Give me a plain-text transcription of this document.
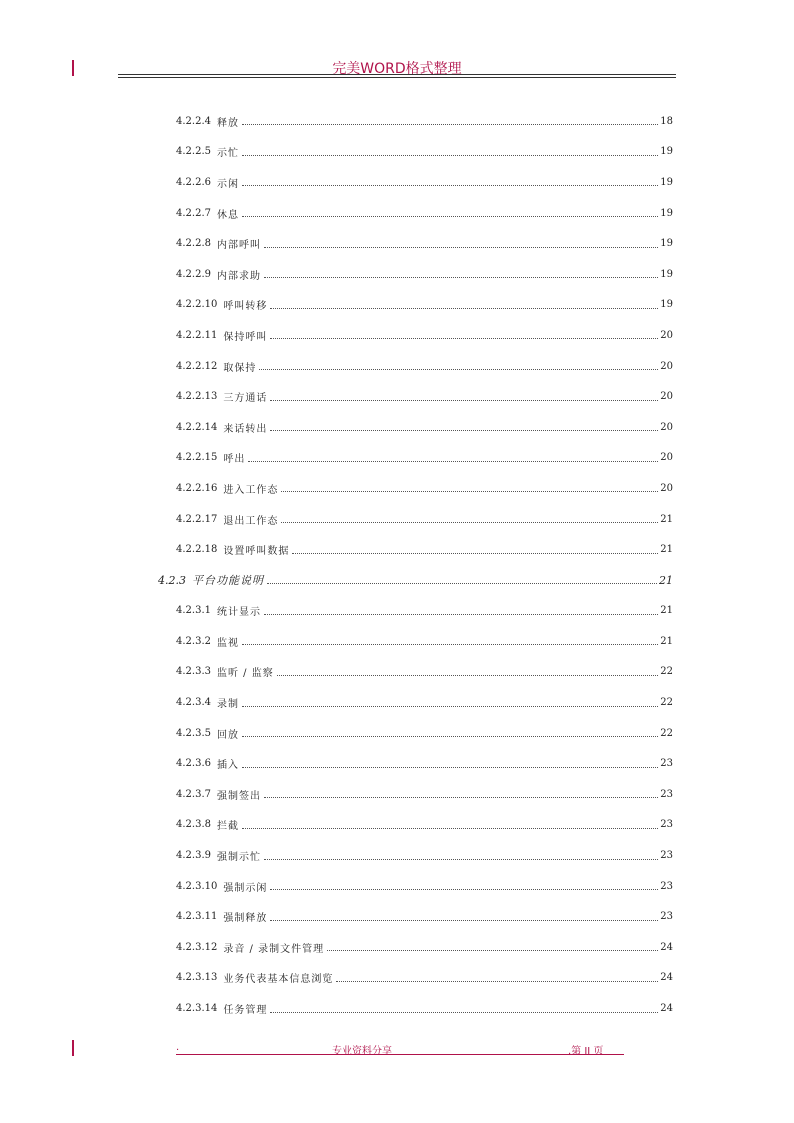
完美WORD格式整理
4.2.2.4 释放	18
4.2.2.5 示忙	19
4.2.2.6 示闲	19
4.2.2.7 休息	19
4.2.2.8 内部呼叫	19
4.2.2.9 内部求助	19
4.2.2.10 呼叫转移	19
4.2.2.11 保持呼叫	20
4.2.2.12 取保持	20
4.2.2.13 三方通话	20
4.2.2.14 来话转出	20
4.2.2.15 呼出	20
4.2.2.16 进入工作态	20
4.2.2.17 退出工作态	21
4.2.2.18 设置呼叫数据	21
4.2.3 平台功能说明	21
4.2.3.1 统计显示	21
4.2.3.2 监视	21
4.2.3.3 监听 / 监察	22
4.2.3.4 录制	22
4.2.3.5 回放	22
4.2.3.6 插入	23
4.2.3.7 强制签出	23
4.2.3.8 拦截	23
4.2.3.9 强制示忙	23
4.2.3.10 强制示闲	23
4.2.3.11 强制释放	23
4.2.3.12 录音 / 录制文件管理	24
4.2.3.13 业务代表基本信息浏览	24
4.2.3.14 任务管理	24
.	专业资料分享	.第 II 页
